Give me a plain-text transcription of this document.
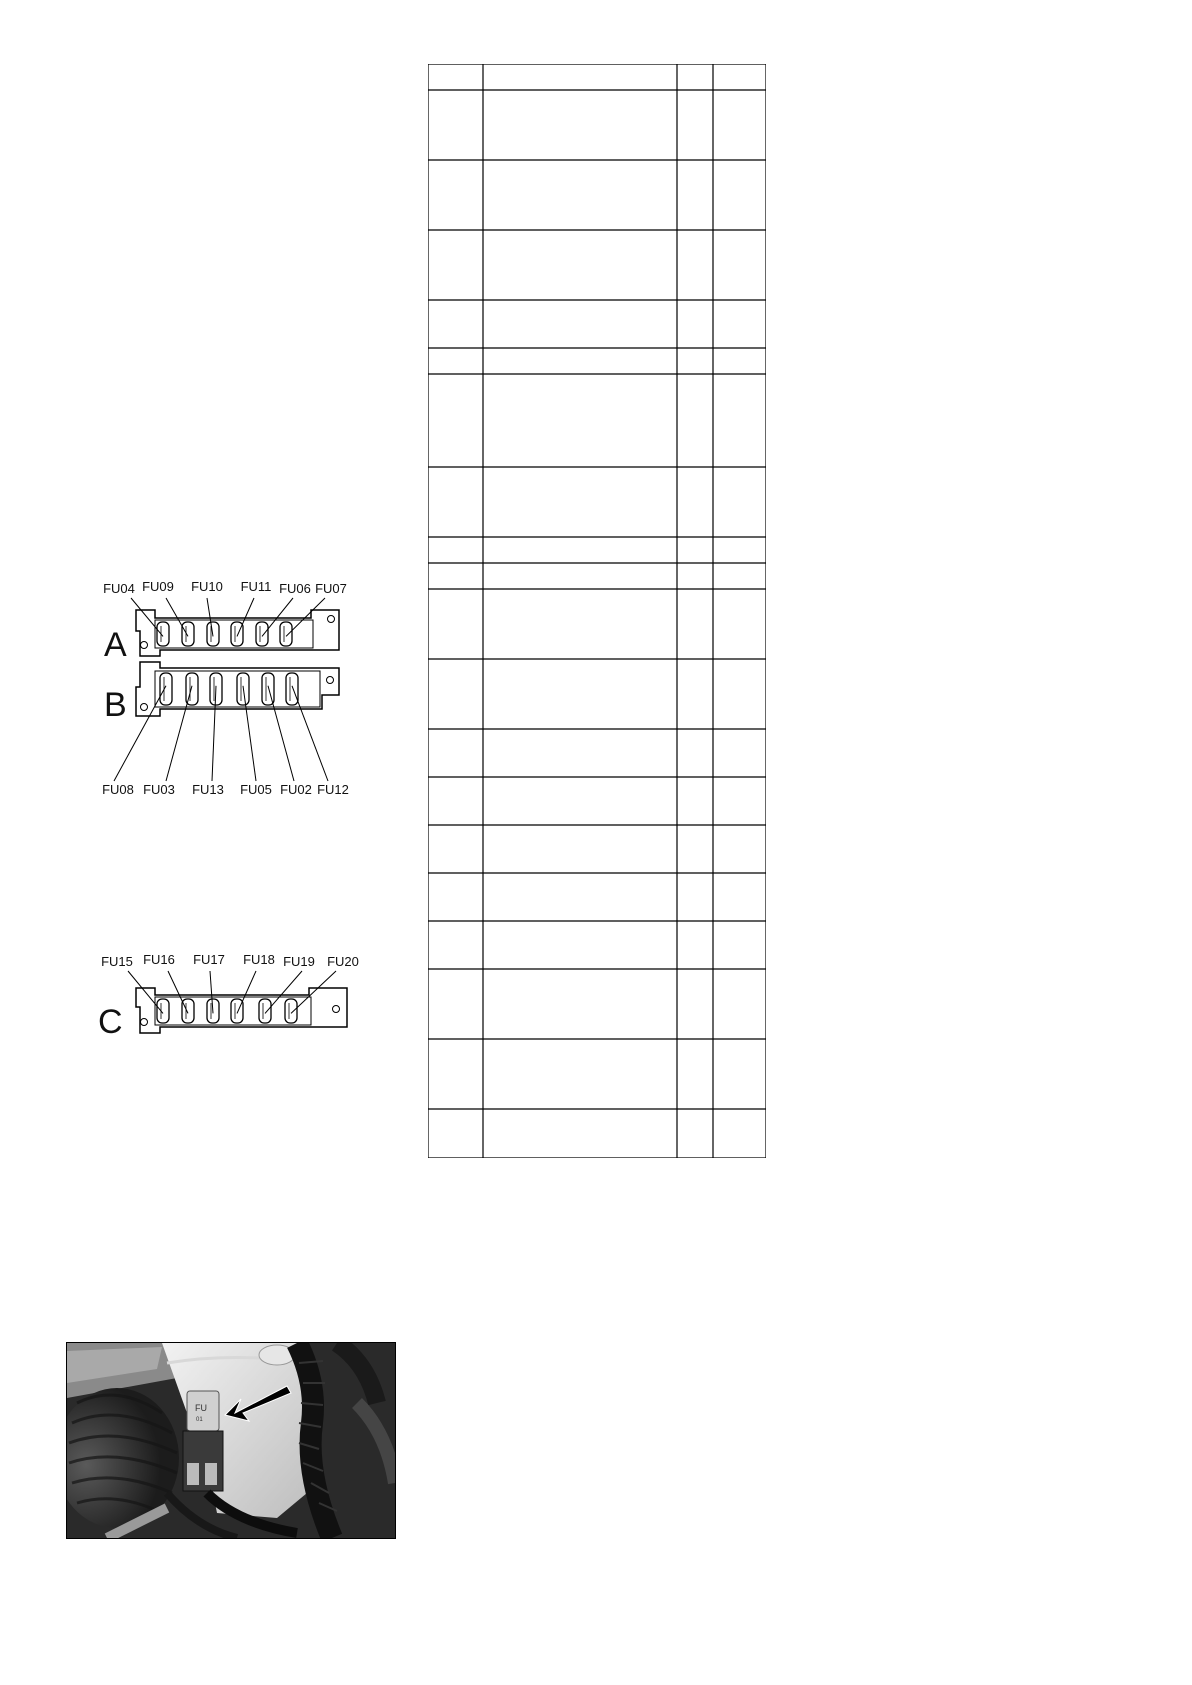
A
B
FU04 FU09 FU10 FU11 FU06 FU07
FU08 FU03 FU13 FU05 FU02 FU12
C
FU15 FU16 FU17 FU18 FU19 FU20
FU
01
